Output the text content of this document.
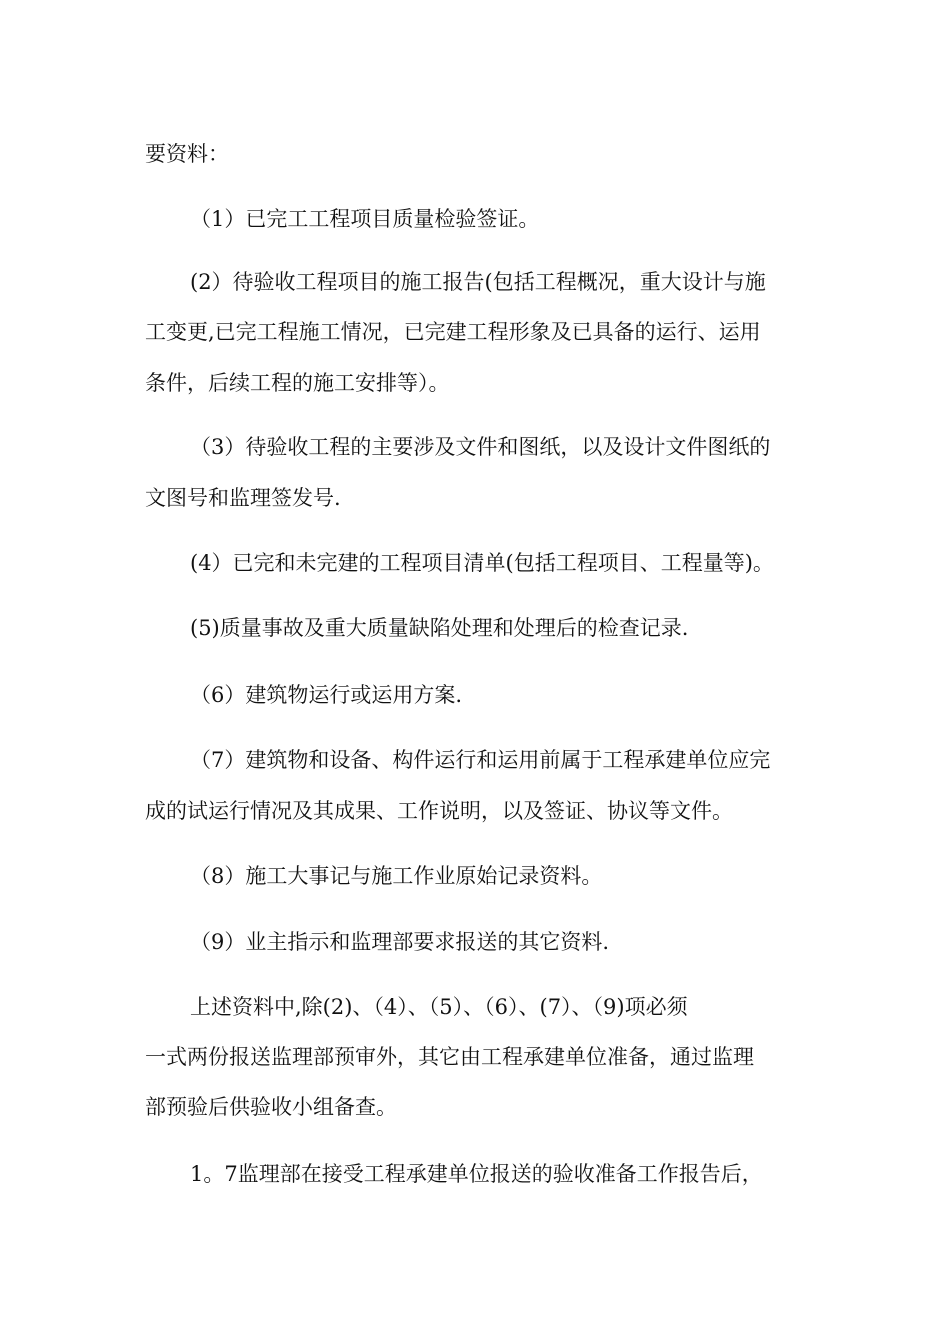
要资料：
（1）已完工工程项目质量检验签证。
(2）待验收工程项目的施工报告(包括工程概况，重大设计与施
工变更,已完工程施工情况，已完建工程形象及已具备的运行、运用
条件，后续工程的施工安排等）。
（3）待验收工程的主要涉及文件和图纸，以及设计文件图纸的
文图号和监理签发号.
(4）已完和未完建的工程项目清单(包括工程项目、工程量等)。
(5)质量事故及重大质量缺陷处理和处理后的检查记录.
（6）建筑物运行或运用方案.
（7）建筑物和设备、构件运行和运用前属于工程承建单位应完
成的试运行情况及其成果、工作说明，以及签证、协议等文件。
（8）施工大事记与施工作业原始记录资料。
（9）业主指示和监理部要求报送的其它资料.
上述资料中,除(2)、（4）、（5）、（6）、(7）、（9)项必须
一式两份报送监理部预审外，其它由工程承建单位准备，通过监理
部预验后供验收小组备查。
1。7监理部在接受工程承建单位报送的验收准备工作报告后，
